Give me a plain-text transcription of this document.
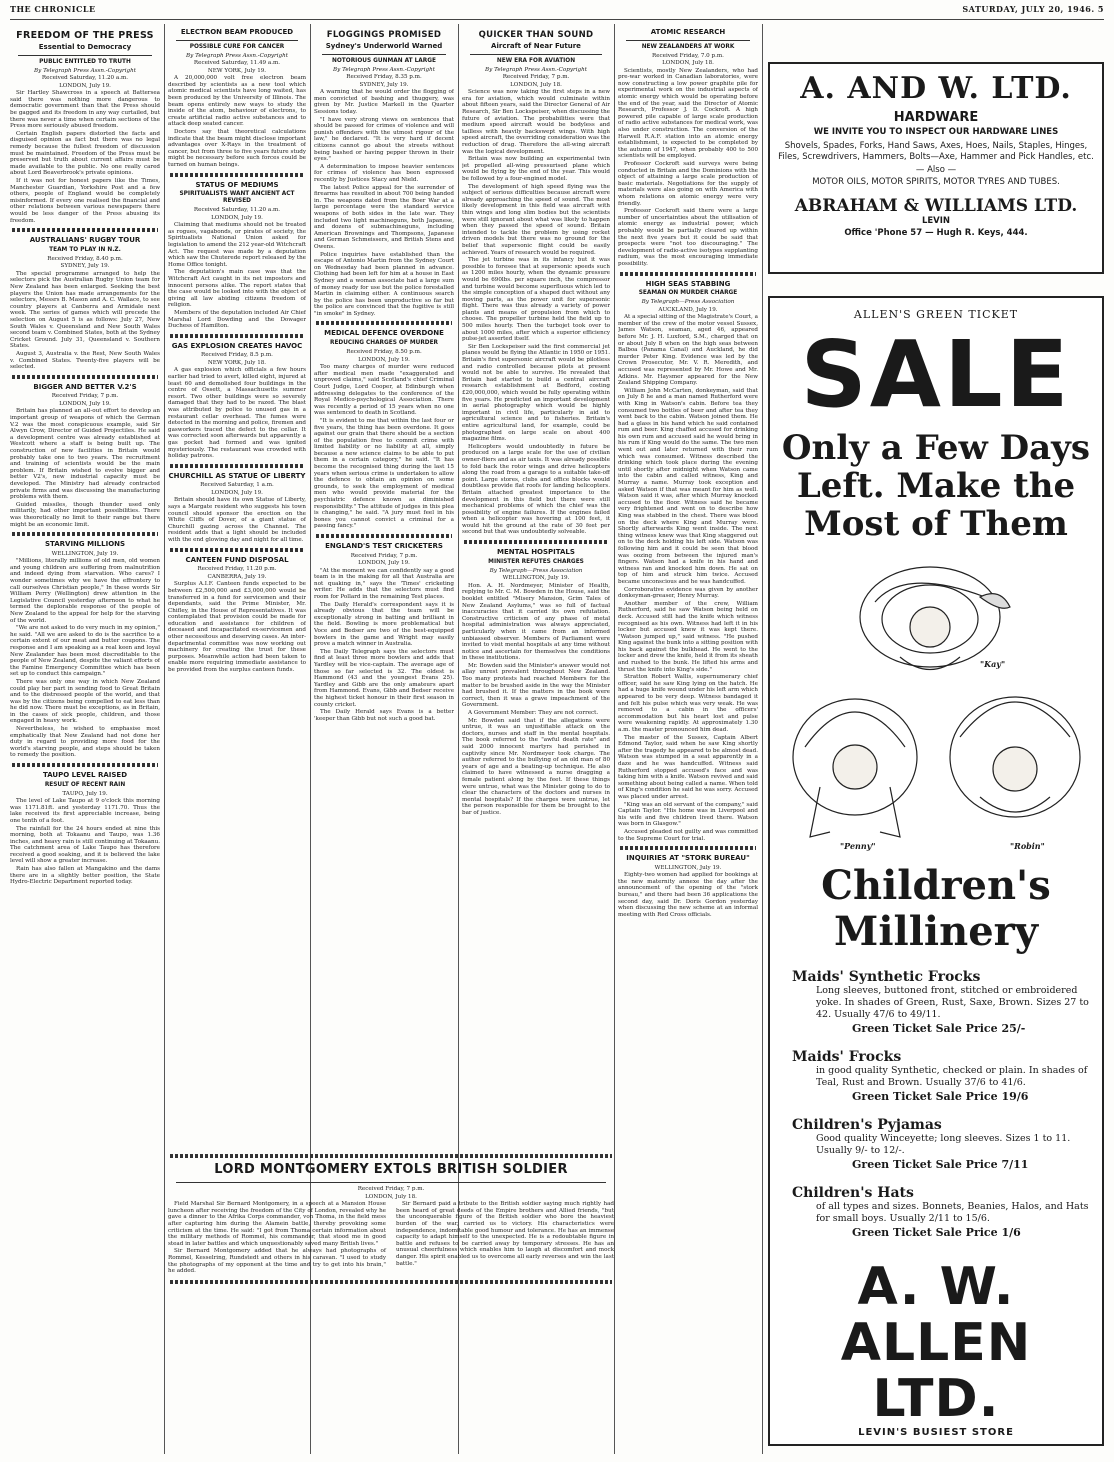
THE CHRONICLE	SATURDAY, JULY 20, 1946. 5
FREEDOM OF THE PRESS
Essential to Democracy
PUBLIC ENTITLED TO TRUTH

By Telegraph Press Assn.-Copyright

Received Saturday, 11.20 a.m.

LONDON, July 19.

Sir Hartley Shawcross in a speech at Battersea said there was nothing more dangerous to democratic government than that the Press should be gagged and its freedom in any way curtailed, but there was never a time when certain sections of the Press more seriously abused freedom.

Certain English papers distorted the facts and disguised opinion as fact but there was no legal remedy because the fullest freedom of discussion must be maintained. Freedom of the Press must be preserved but truth about current affairs must be made available to the public. No one really cared about Lord Beaverbrook's private opinions.

If it was not for honest papers like the Times, Manchester Guardian, Yorkshire Post and a few others, people of England would be completely misinformed. If every one realised the financial and other relations between various newspapers there would be less danger of the Press abusing its freedom.

AUSTRALIANS' RUGBY TOUR
TEAM TO PLAY IN N.Z.

Received Friday, 8.40 p.m.

SYDNEY, July 19.

The special programme arranged to help the selectors pick the Australian Rugby Union team for New Zealand has been enlarged. Seeking the best players the Union has made arrangements for the selectors, Messrs B. Mason and A. C. Wallace, to see country players at Canberra and Armidale next week. The series of games which will precede the selection on August 5 is as follows: July 27, New South Wales v. Queensland and New South Wales second team v. Combined States, both at the Sydney Cricket Ground. July 31, Queensland v. Southern States.

August 3, Australia v. the Rest, New South Wales v. Combined States. Twenty-five players will be selected.

BIGGER AND BETTER V.2'S

Received Friday, 7 p.m.

LONDON, July 19.

Britain has planned an all-out effort to develop an important group of weapons of which the German V.2 was the most conspicuous example, said Sir Alwyn Crow, Director of Guided Projectiles. He said a development centre was already established at Westcott where a staff is being built up. The construction of new facilities in Britain would probably take one to two years. The recruitment and training of scientists would be the main problem. If Britain wished to evolve bigger and better V2's, new industrial capacity must be developed. The Ministry had already contracted private firms and was discussing the manufacturing problems with them.

Guided missiles, though thunder used only militarily, had other important possibilities. There was theoretically no limit to their range but there might be an economic limit.

STARVING MILLIONS

WELLINGTON, July 19.

"Millions, literally millions of old men, old women and young children are suffering from malnutrition and indeed dying from starvation. Who cares? I wonder sometimes why we have the effrontery to call ourselves Christian people," In these words Sir William Perry (Wellington) drew attention in the Legislative Council yesterday afternoon to what he termed the deplorable response of the people of New Zealand to the appeal for help for the starving of the world.

"We are not asked to do very much in my opinion," he said. "All we are asked to do is the sacrifice to a certain extent of our meat and butter coupons. The response and I am speaking as a real keen and loyal New Zealander has been most discreditable to the people of New Zealand, despite the valiant efforts of the Famine Emergency Committee which has been set up to conduct this campaign."

There was only one way in which New Zealand could play her part in sending food to Great Britain and to the distressed people of the world, and that was by the citizens being compelled to eat less than he did now. There must be exceptions, as in Britain, in the cases of sick people, children, and those engaged in heavy work.

Nevertheless, he wished to emphasise most emphatically that New Zealand had not done her duty in regard to providing more food for the world's starving people, and steps should be taken to remedy the position.

TAUPO LEVEL RAISED
RESULT OF RECENT RAIN

TAUPO, July 19.

The level of Lake Taupo at 9 o'clock this morning was 1171.81ft. and yesterday 1171.70. Thus the lake received its first appreciable increase, being one tenth of a foot.

The rainfall for the 24 hours ended at nine this morning, both at Tokaanu and Taupo, was 1.36 inches, and heavy rain is still continuing at Tokaanu. The catchment area of Lake Taupo has therefore received a good soaking, and it is believed the lake level will show a greater increase.

Rain has also fallen at Mangakino and the dams there are in a slightly better position, the State Hydro-Electric Department reported today.

ELECTRON BEAM PRODUCED
POSSIBLE CURE FOR CANCER

By Telegraph Press Assn.-Copyright

Received Saturday, 11.49 a.m.

NEW YORK, July 19.

A 20,000,000 volt free electron beam described by scientists as a new tool which atomic medical scientists have long waited, has been produced by the University of Illinois. The beam opens entirely new ways to study the inside of the atom, behaviour of electrons, to create artificial radio active substances and to attack deep seated cancer.

Doctors say that theoretical calculations indicate that the beam might disclose important advantages over X-Rays in the treatment of cancer, but from three to five years future study might be necessary before such forces could be turned on human beings.

STATUS OF MEDIUMS
SPIRITUALISTS WANT ANCIENT ACT REVISED

Received Saturday, 11.20 a.m.

LONDON, July 19.

Claiming that mediums should not be treated as rogues, vagabonds, or pirates of society, the Spiritualists National Union asked for legislation to amend the 212 year-old Witchcraft Act. The request was made by a deputation which saw the Chuterede report released by the Home Office tonight.

The deputation's main case was that the Witchcraft Act caught in its net impostors and innocent persons alike. The report states that the case would be looked into with the object of giving all law abiding citizens freedom of religion.

Members of the deputation included Air Chief Marshal Lord Dowding and the Dowager Duchess of Hamilton.

GAS EXPLOSION CREATES HAVOC

Received Friday, 8.5 p.m.

NEW YORK, July 18.

A gas explosion which officials a few hours earlier had tried to avert, killed eight, injured at least 60 and demolished four buildings in the centre of Ossett, a Massachusetts summer resort. Two other buildings were so severely damaged that they had to be razed. The blast was attributed by police to unused gas in a restaurant cellar overhead. The fumes were detected in the morning and police, firemen and gasworkers traced the defect to the cellar. It was corrected soon afterwards but apparently a gas pocket had formed and was ignited mysteriously. The restaurant was crowded with holiday patrons.

CHURCHILL AS STATUE OF LIBERTY

Received Saturday, 1 a.m.

LONDON, July 19.

Britain should have its own Statue of Liberty, says a Margate resident who suggests his town council should sponsor the erection on the White Cliffs of Dover, of a giant statue of Churchill gazing across the Channel. The resident adds that a light should be included with the end glowing day and night for all time.

CANTEEN FUND DISPOSAL

Received Friday, 11.20 p.m.

CANBERRA, July 19.

Surplus A.I.F. Canteen funds expected to be between £2,500,000 and £3,000,000 would be transferred in a fund for servicemen and their dependants, said the Prime Minister, Mr. Chifley, in the House of Representatives. It was contemplated that provision could be made for education and assistance for children of deceased and incapacitated ex-servicemen and other necessitous and deserving cases. An inter-departmental committee was now working out machinery for creating the trust for these purposes. Meanwhile action had been taken to enable more requiring immediate assistance to be provided from the surplus canteen funds.

FLOGGINGS PROMISED
Sydney's Underworld Warned
NOTORIOUS GUNMAN AT LARGE

By Telegraph Press Assn.-Copyright

Received Friday, 8.35 p.m.

SYDNEY, July 19.

A warning that he would order the flogging of men convicted of bashing and thuggery, was given by Mr. Justice Markell in the Quarter Sessions today.

"I have very strong views on sentences that should be passed for crimes of violence and will punish offenders with the utmost rigour of the law," he declared. "It is very hard if decent citizens cannot go about the streets without being bashed or having pepper thrown in their eyes."

A determination to impose heavier sentences for crimes of violence has been expressed recently by Justices Stacy and Nield.

The latest Police appeal for the surrender of firearms has resulted in about 700 being handed in. The weapons dated from the Boer War at a large percentage were the standard service weapons of both sides in the late war. They included two light machineguns, both Japanese, and dozens of submachineguns, including American Brownings and Thompsons, Japanese and German Schmeissers, and British Stens and Owens.

Police inquiries have established than the escape of Antonio Martin from the Sydney Court on Wednesday had been planned in advance. Clothing had been left for him at a house in East Sydney and a woman associate had a large sum of money ready for use but the police forestalled Martin in claiming either. A continuous search by the police has been unproductive so far but the police are convinced that the fugitive is still "in smoke" in Sydney.

MEDICAL DEFENCE OVERDONE
REDUCING CHARGES OF MURDER

Received Friday, 8.50 p.m.

LONDON, July 19.

Too many charges of murder were reduced after medical men made "exaggerated and unproved claims," said Scotland's chief Criminal Court Judge, Lord Cooper, at Edinburgh when addressing delegates to the conference of the Royal Medico-psychological Association. There was recently a period of 15 years when no one was sentenced to death in Scotland.

"It is evident to me that within the last four or five years, the thing has been overdone. It goes against our grain that there should be a section of the population free to commit crime with limited liability or no liability at all, simply because a new science claims to be able to put them in a certain category," he said. "It has become the recognised thing during the last 15 years when serious crime is undertaken to allow the defence to obtain an opinion on some grounds, to seek the employment of medical men who would provide material for the psychiatric defence known as diminished responsibility." The attitude of judges in this plea is changing," he said. "A jury must feel in his bones you cannot convict a criminal for a passing fancy."

ENGLAND'S TEST CRICKETERS

Received Friday, 7 p.m.

LONDON, July 19.

"At the moment we can confidently say a good team is in the making for all that Australia are not quaking in," says the 'Times' cricketing writer. He adds that the selectors must find room for Pollard in the remaining Test places.

The Daily Herald's correspondent says it is already obvious that the team will be exceptionally strong in batting and brilliant in the field. Bowling is more problematical but Voce and Bedser are two of the best-equipped bowlers in the game and Wright may easily prove a match winner in Australia.

The Daily Telegraph says the selectors must find at least three more bowlers and adds that Yardley will be vice-captain. The average age of those so far selected is 32. The oldest is Hammond (43 and the youngest Evans 25). Yardley and Gibb are the only amateurs apart from Hammond. Evans, Gibb and Bedser receive the highest ticket honour in their first season in county cricket.

The Daily Herald says Evans is a better 'keeper than Gibb but not such a good bat.

QUICKER THAN SOUND
Aircraft of Near Future
NEW ERA FOR AVIATION

By Telegraph Press Assn.-Copyright

Received Friday, 7 p.m.

LONDON, July 18.

Science was now taking the first steps in a new era for aviation, which would culminate within about fifteen years, said the Director General of Air Research, Sir Ben Lockspeiser, when discussing the future of aviation. The probabilities were that medium speed aircraft would be bodyless and tailless with heavily backswept wings. With high speed aircraft, the overriding consideration was the reduction of drag. Therefore the all-wing aircraft was the logical development.

Britain was now building an experimental twin jet propelled all-wing pressurised plane which would be flying by the end of the year. This would be followed by a four-engined model.

The development of high speed flying was the subject of serious difficulties because aircraft were already approaching the speed of sound. The most likely development in this field was aircraft with thin wings and long slim bodies but the scientists were still ignorant about what was likely to happen when they passed the speed of sound. Britain intended to tackle the problem by using rocket driven models but there was no ground for the belief that supersonic flight could be easily achieved. Years of research would be required.

The jet turbine was in its infancy but it was possible to foresee that at supersonic speeds such as 1200 miles hourly, when the dynamic pressure would be 690lbs. per square inch, the compressor and turbine would become superfluous which led to the simple conception of a shaped duct without any moving parts, as the power unit for supersonic flight. There was thus already a variety of power plants and means of propulsion from which to choose. The propeller turbine held the field up to 500 miles hourly. Then the turbojet took over to about 1000 miles, after which a superior efficiency pulse-jet asserted itself.

Sir Ben Lockspeiser said the first commercial jet planes would be flying the Atlantic in 1950 or 1951. Britain's first supersonic aircraft would be pilotless and radio controlled because pilots at present would not be able to survive. He revealed that Britain had started to build a central aircraft research establishment at Bedford, costing £20,000,000, which would be fully operating within five years. He predicted an important development in aerial photography which would be highly important in civil life, particularly in aid to agricultural science and to fisheries. Britain's entire agricultural land, for example, could be photographed on large scale on about 400 magazine films.

Helicopters would undoubtedly in future be produced on a large scale for the use of civilian owner-fliers and as air taxis. It was already possible to fold back the rotor wings and drive helicopters along the road from a garage to a suitable take-off point. Large stores, clubs and office blocks would doubtless provide flat roofs for landing helicopters. Britain attached greatest importance to the development in this field but there were still mechanical problems of which the chief was the possibility of engine failures. If the engines failed when a helicopter was hovering at 100 feet, it would hit the ground at the rate of 30 feet per second but that was undoubtedly solveable.

MENTAL HOSPITALS
MINISTER REFUTES CHARGES

By Telegraph—Press Association

WELLINGTON, July 19.

Hon. A. H. Nordmeyer, Minister of Health, replying to Mr. C. M. Bowden in the House, said the booklet entitled "Misery Mansion, Grim Tales of New Zealand Asylums," was so full of factual inaccuracies that it carried its own refutation. Constructive criticism of any phase of metal hospital administration was always appreciated, particularly when it came from an informed unbiassed observer. Members of Parliament were invited to visit mental hospitals at any time without notice and ascertain for themselves the conditions in these institutions.

Mr. Bowden said the Minister's answer would not allay unrest prevalent throughout New Zealand. Too many protests had reached Members for the matter to be brushed aside in the way the Minister had brushed it. If the matters in the book were correct, then it was a grave impeachment of the Government.

A Government Member: They are not correct.

Mr. Bowden said that if the allegations were untrue, it was an unjustifiable attack on the doctors, nurses and staff in the mental hospitals. The book referred to the "awful death rate" and said 2000 innocent martyrs had perished in captivity since Mr. Nordmeyer took charge. The author referred to the bullying of an old man of 80 years of age and a beating-up technique. He also claimed to have witnessed a nurse dragging a female patient along by the feet. If these things were untrue, what was the Minister going to do to clear the characters of the doctors and nurses in mental hospitals? If the charges were untrue, let the person responsible for them be brought to the bar of justice.

ATOMIC RESEARCH
NEW ZEALANDERS AT WORK

Received Friday, 7.0 p.m.

LONDON, July 18.

Scientists, mostly New Zealanders, who had pre-war worked in Canadian laboratories, were now constructing a low power graphite pile for experimental work on the industrial aspects of atomic energy which would be operating before the end of the year, said the Director of Atomic Research, Professor J. D. Cockroft. A high powered pile capable of large scale production of radio active substances for medical work, was also under construction. The conversion of the Harwell R.A.F. station into an atomic energy establishment, is expected to be completed by the autumn of 1947, when probably 400 to 500 scientists will be employed.

Professor Cockroft said surveys were being conducted in Britain and the Dominions with the object of attaining a large scale production of basic materials. Negotiations for the supply of materials were also going on with America with whom relations on atomic energy were very friendly.

Professor Cockroft said there were a large number of uncertainties about the utilisation of atomic energy as industrial power, which probably would be partially cleared up within the next five years but it could be said that prospects were "not too discouraging." The development of radio-active isotypes supplanting radium, was the most encouraging immediate possibility.

HIGH SEAS STABBING
SEAMAN ON MURDER CHARGE

By Telegraph—Press Association

AUCKLAND, July 19.

At a special sitting of the Magistrate's Court, a member of the crew of the motor vessel Sussex, James Watson, seaman, aged 46, appeared before Mr. J. H. Luxford, S.M., charged that on or about July 8 when on the high seas between Balboa (Panama Canal) and Auckland, he did murder Peter King. Evidence was led by the Crown Prosecutor, Mr. V. R. Meredith, and accused was represented by Mr. Howe and Mr. Adkins. Mr. Haysmer appeared for the New Zealand Shipping Company.

William John McCarten, donkeyman, said that on July 8 he and a man named Rutherford were with King in Watson's cabin. Before tea they consumed two bottles of beer and after tea they went back to the cabin. Watson joined them. He had a glass in his hand which he said contained rum and beer. King chaffed accused for drinking his own rum and accused said he would bring in his rum if King would do the same. The two men went out and later returned with their rum which was consumed. Witness described the drinking which took place during the evening until shortly after midnight when Watson came into the cabin and called witness, King and Murray a name. Murray took exception and asked Watson if that was meant for him as well. Watson said it was, after which Murray knocked accused to the floor. Witness said he became very frightened and went on to describe how King was stabbed in the chest. There was blood on the deck where King and Murray were. Shortly afterwards King went inside. The next thing witness knew was that King staggered out on to the deck holding his left side. Watson was following him and it could be seen that blood was oozing from between the injured man's fingers. Watson had a knife in his hand and witness ran and knocked him down. He sat on top of him and struck him twice. Accused became unconscious and he was handcuffed.

Corroborative evidence was given by another donkeyman-greaser, Henry Murray.

Another member of the crew, William Rutherford, said he saw Watson being held on deck. Accused still had the knife which witness recognised as his own. Witness had left it in his locker but accused knew it was kept there. "Watson jumped up," said witness. "He pushed King against the bunk into a sitting position with his back against the bulkhead. He went to the locker and drew the knife, held it from its sheath and rushed to the bunk. He lifted his arms and thrust the knife into King's side."

Stratton Robert Wallis, supernumerary chief officer, said he saw King lying on the hatch. He had a huge knife wound under his left arm which appeared to be very deep. Witness bandaged it and felt his pulse which was very weak. He was removed to a cabin in the officers' accommodation but his heart lost and pulse were weakening rapidly. At approximately 1.30 a.m. the master pronounced him dead.

The master of the Sussex, Captain Albert Edmond Taylor, said when he saw King shortly after the tragedy he appeared to be almost dead. Watson was stumped in a seat apparently in a daze and he was handcuffed. Witness said Rutherford stopped accused's face and was taking him with a knife. Watson revived and said something about being called a name. When told of King's condition he said he was sorry. Accused was placed under arrest.

"King was an old servant of the company," said Captain Taylor. "His home was in Liverpool and his wife and five children lived there. Watson was born in Glasgow."

Accused pleaded not guilty and was committed to the Supreme Court for trial.

INQUIRIES AT "STORK BUREAU"

WELLINGTON, July 19.

Eighty-two women had applied for bookings at the new maternity annexe the day after the announcement of the opening of the "stork bureau," and there had been 36 applications the second day, said Dr. Doris Gordon yesterday when discussing the new scheme at an informal meeting with Red Cross officials.

LORD MONTGOMERY EXTOLS BRITISH SOLDIER

Received Friday, 7 p.m.

LONDON, July 18.

Field Marshal Sir Bernard Montgomery, in a speech at a Mansion House luncheon after receiving the freedom of the City of London, revealed why he gave a dinner to the Afrika Corps commander, von Thoma, in the field mess after capturing him during the Alamein battle, thereby provoking some criticism at the time. He said: "I got from Thoma certain information about the military methods of Rommel, his commander, that stood me in good stead in later battles and which unquestionably saved many British lives."

Sir Bernard Montgomery added that he always had photographs of Rommel, Kesselring, Rundstedt and others in his caravan. "I used to study the photographs of my opponent at the time and try to get into his brain," he added.

Sir Bernard paid a tribute to the British soldier saying much rightly had been heard of great deeds of the Empire brothers and Allied friends, "but the unconquerable figure of the British soldier who bore the heaviest burden of the war, carried us to victory. His characteristics were independence, indomitable good humour and tolerance. He has an immense capacity to adapt himself to the unexpected. He is a redoubtable figure in battle and refuses to be carried away by temporary stresses. He has an unusual cheerfulness which enables him to laugh at discomfort and mock danger. His spirit enabled us to overcome all early reverses and win the last battle."

A. AND W. LTD.
HARDWARE
WE INVITE YOU TO INSPECT OUR HARDWARE LINES
Shovels, Spades, Forks, Hand Saws, Axes, Hoes, Nails, Staples, Hinges, Files, Screwdrivers, Hammers, Bolts—Axe, Hammer and Pick Handles, etc.
— Also —
MOTOR OILS, MOTOR SPIRITS, MOTOR TYRES AND TUBES.
ABRAHAM & WILLIAMS LTD.
LEVIN
Office 'Phone 57 — Hugh R. Keys, 444.
ALLEN'S GREEN TICKET
SALE
Only a Few Days Left. Make the Most of Them
"Kay"
"Penny"	"Robin"
Children's Millinery
Maids' Synthetic Frocks
Long sleeves, buttoned front, stitched or embroidered yoke. In shades of Green, Rust, Saxe, Brown. Sizes 27 to 42. Usually 47/6 to 49/11.
Green Ticket Sale Price 25/-
Maids' Frocks
in good quality Synthetic, checked or plain. In shades of Teal, Rust and Brown. Usually 37/6 to 41/6.
Green Ticket Sale Price 19/6
Children's Pyjamas
Good quality Winceyette; long sleeves. Sizes 1 to 11. Usually 9/- to 12/-.
Green Ticket Sale Price 7/11
Children's Hats
of all types and sizes. Bonnets, Beanies, Halos, and Hats for small boys. Usually 2/11 to 15/6.
Green Ticket Sale Price 1/6
A. W. ALLEN LTD.
LEVIN'S BUSIEST STORE
